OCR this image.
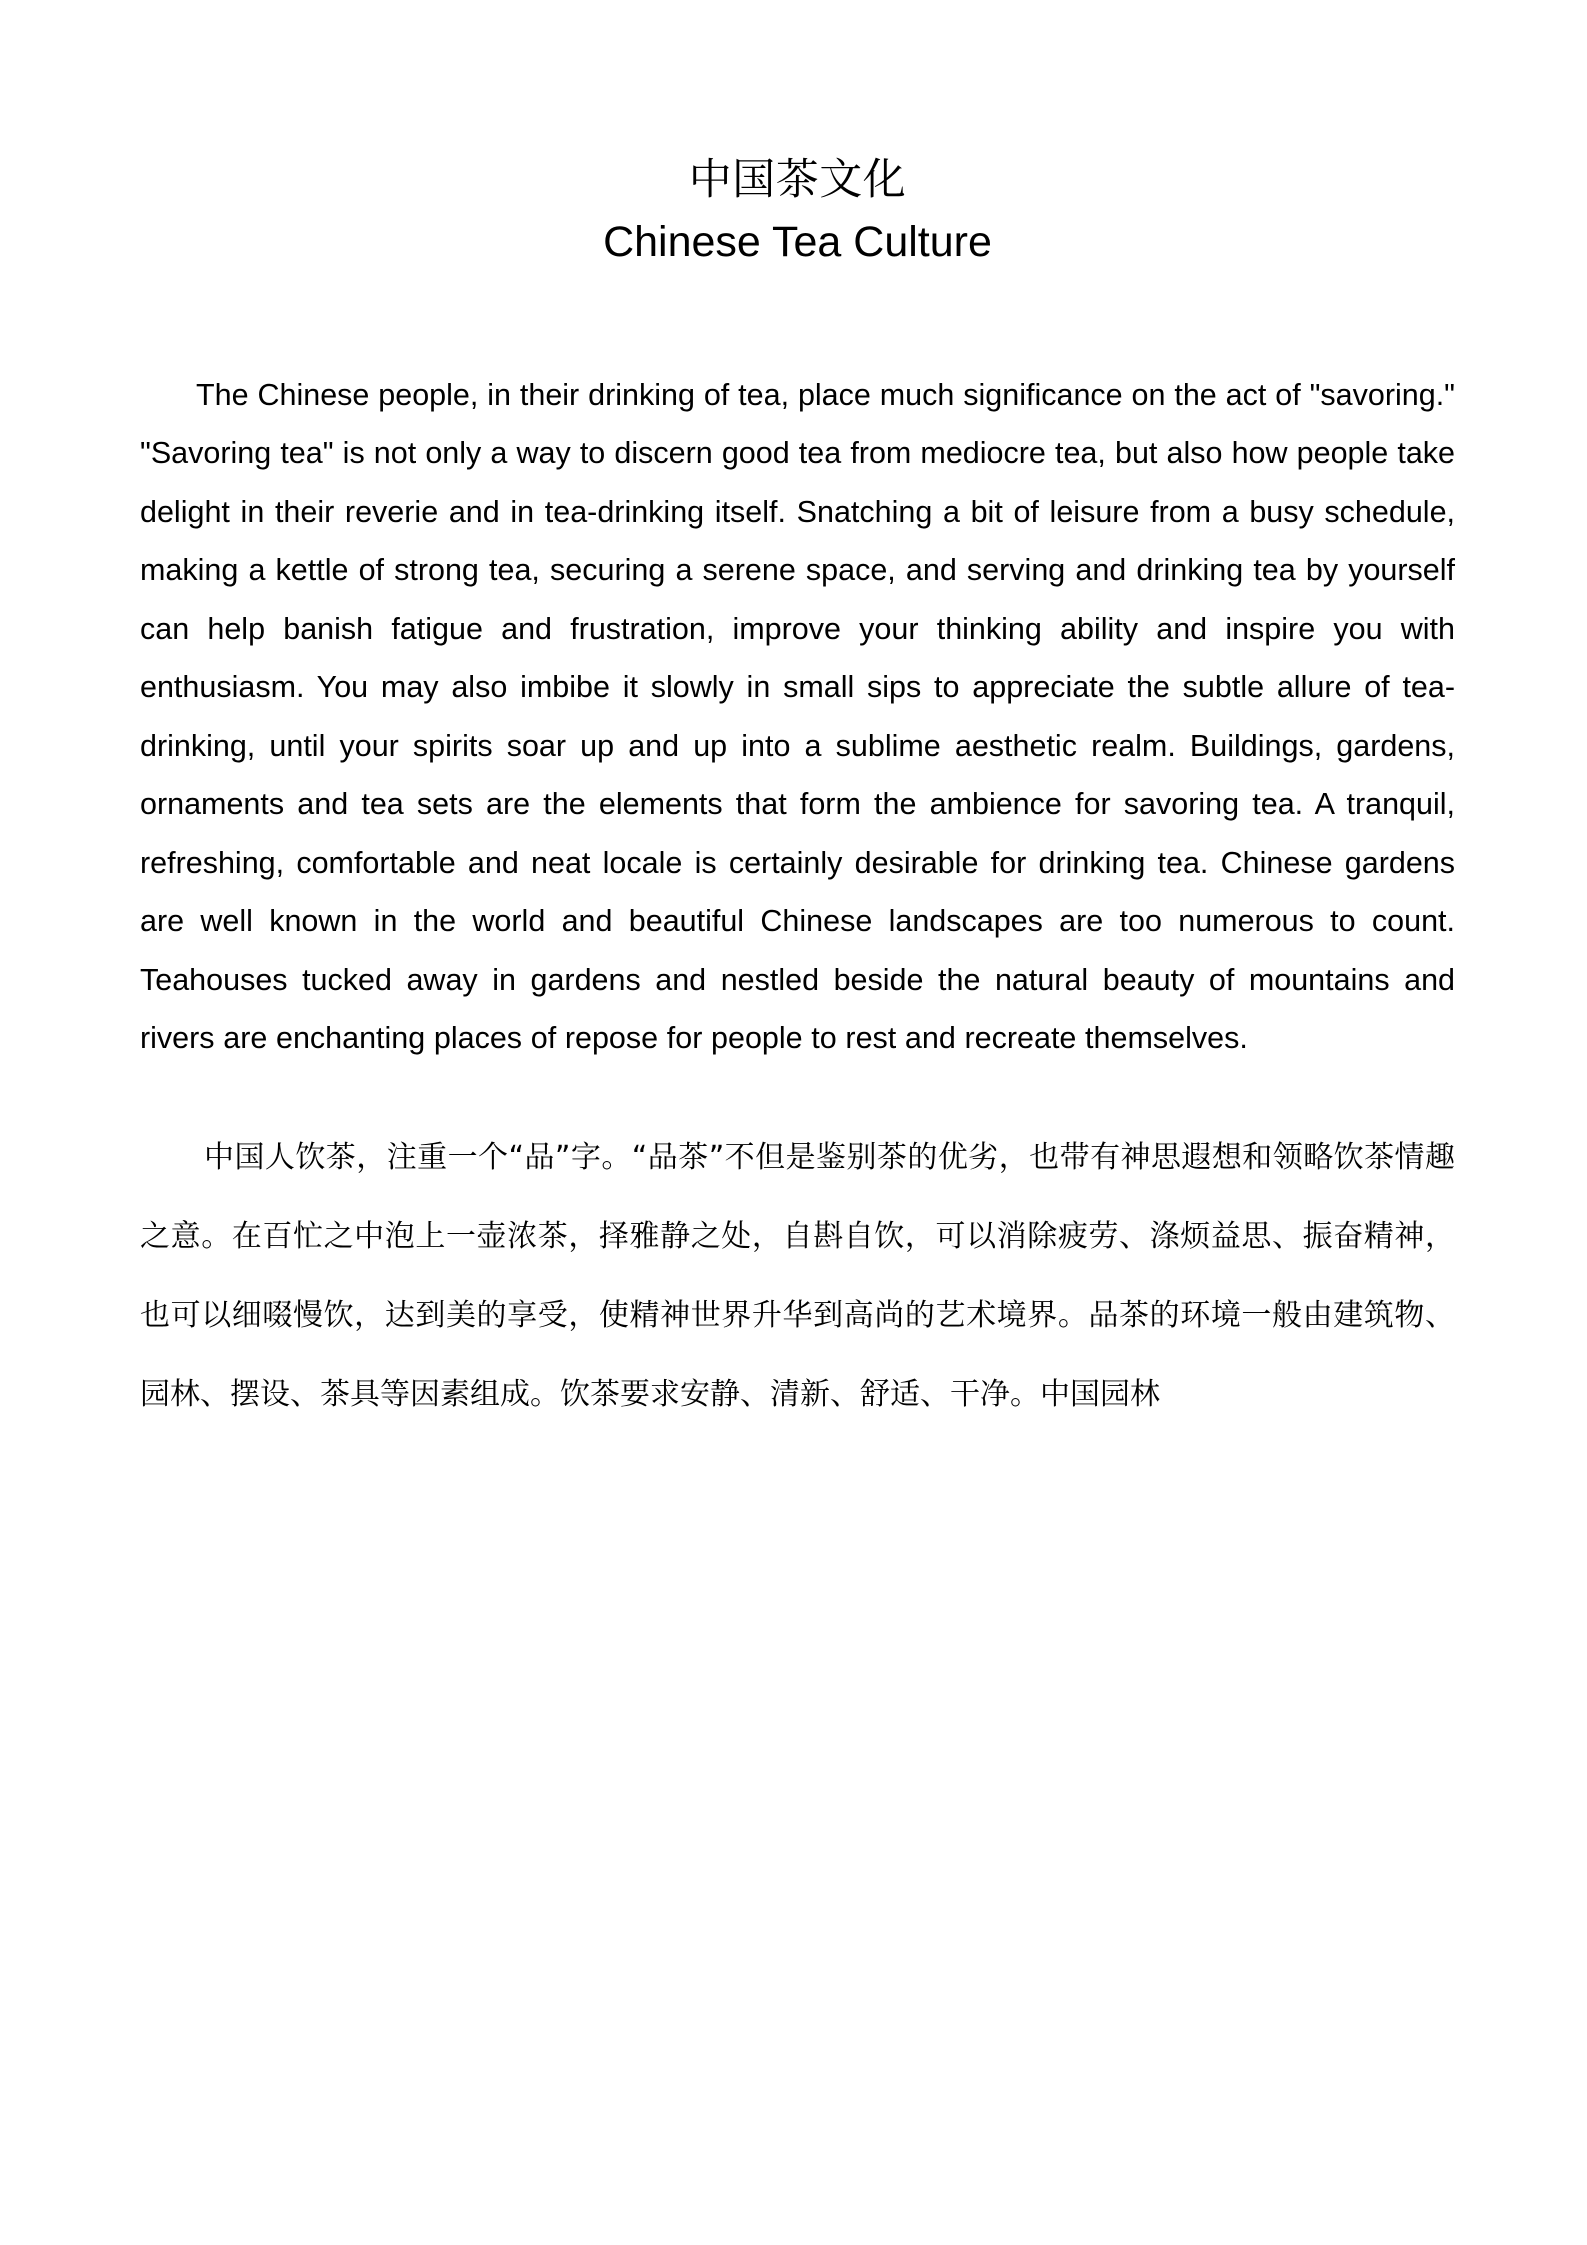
中国茶文化
Chinese Tea Culture

The Chinese people, in their drinking of tea, place much significance on the act of "savoring." "Savoring tea" is not only a way to discern good tea from mediocre tea, but also how people take delight in their reverie and in tea-drinking itself. Snatching a bit of leisure from a busy schedule, making a kettle of strong tea, securing a serene space, and serving and drinking tea by yourself can help banish fatigue and frustration, improve your thinking ability and inspire you with enthusiasm. You may also imbibe it slowly in small sips to appreciate the subtle allure of tea-drinking, until your spirits soar up and up into a sublime aesthetic realm. Buildings, gardens, ornaments and tea sets are the elements that form the ambience for savoring tea. A tranquil, refreshing, comfortable and neat locale is certainly desirable for drinking tea. Chinese gardens are well known in the world and beautiful Chinese landscapes are too numerous to count. Teahouses tucked away in gardens and nestled beside the natural beauty of mountains and rivers are enchanting places of repose for people to rest and recreate themselves.

中国人饮茶，注重一个“品”字。“品茶”不但是鉴别茶的优劣，也带有神思遐想和领略饮茶情趣之意。在百忙之中泡上一壶浓茶，择雅静之处，自斟自饮，可以消除疲劳、涤烦益思、振奋精神，也可以细啜慢饮，达到美的享受，使精神世界升华到高尚的艺术境界。品茶的环境一般由建筑物、园林、摆设、茶具等因素组成。饮茶要求安静、清新、舒适、干净。中国园林
